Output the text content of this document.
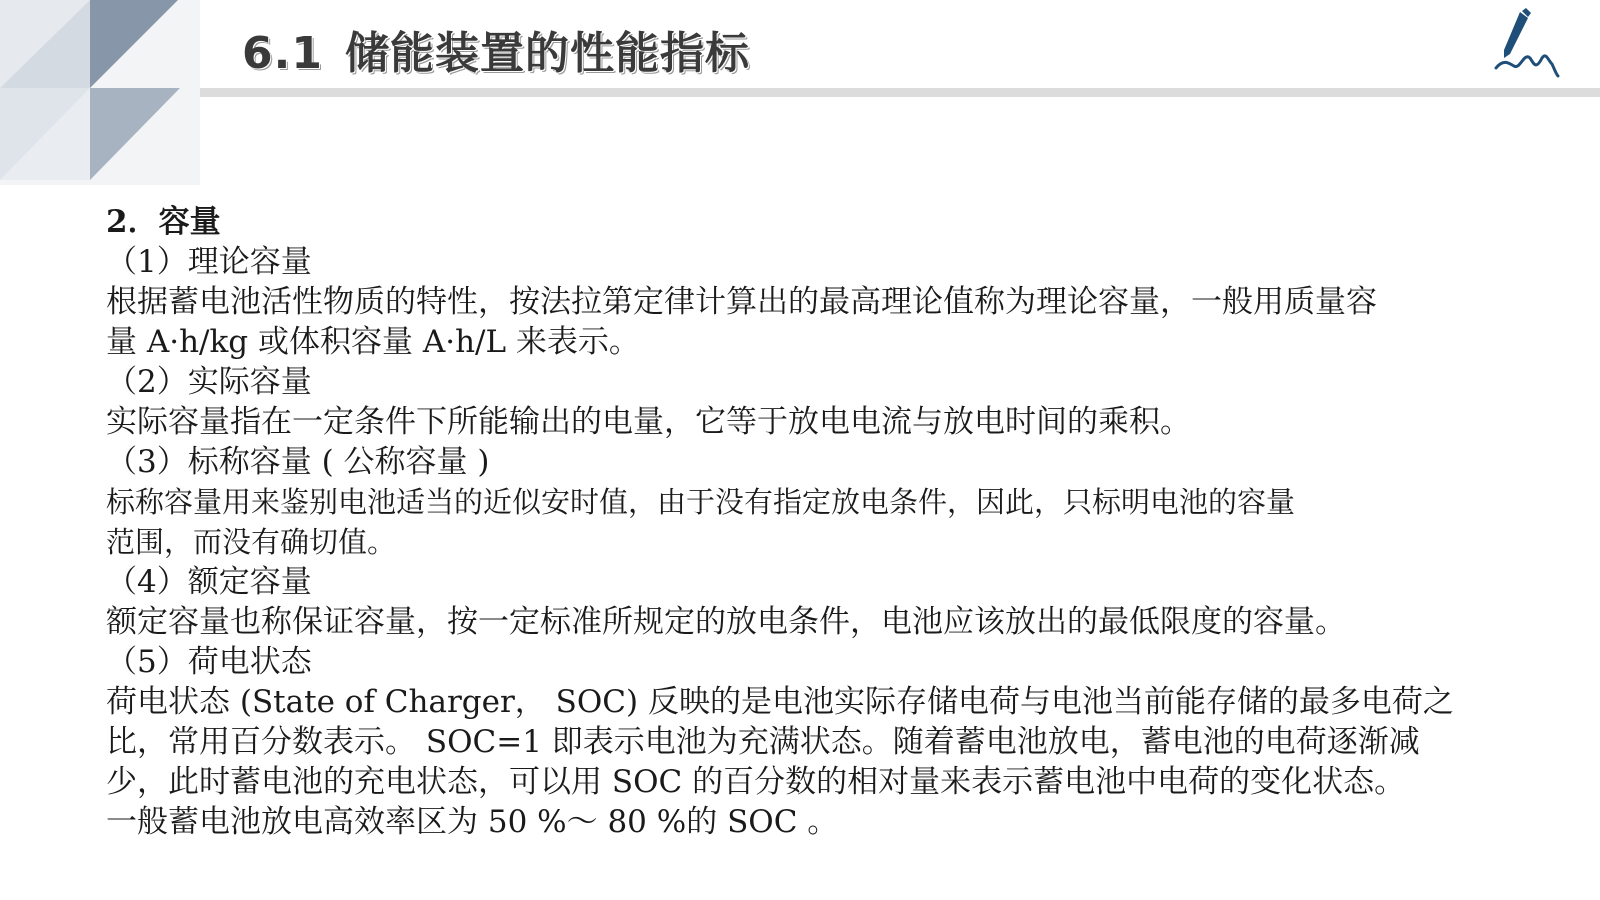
6.1 储能装置的性能指标
2．容量
（1）理论容量
根据蓄电池活性物质的特性，按法拉第定律计算出的最高理论值称为理论容量，一般用质量容
量 A·h/kg 或体积容量 A·h/L 来表示。
（2）实际容量
实际容量指在一定条件下所能输出的电量，它等于放电电流与放电时间的乘积。
（3）标称容量 ( 公称容量 )
标称容量用来鉴别电池适当的近似安时值，由于没有指定放电条件，因此，只标明电池的容量
范围，而没有确切值。
（4）额定容量
额定容量也称保证容量，按一定标准所规定的放电条件，电池应该放出的最低限度的容量。
（5）荷电状态
荷电状态 (State of Charger， SOC) 反映的是电池实际存储电荷与电池当前能存储的最多电荷之
比，常用百分数表示。 SOC=1 即表示电池为充满状态。随着蓄电池放电，蓄电池的电荷逐渐减
少，此时蓄电池的充电状态，可以用 SOC 的百分数的相对量来表示蓄电池中电荷的变化状态。
一般蓄电池放电高效率区为 50 %～ 80 %的 SOC 。
